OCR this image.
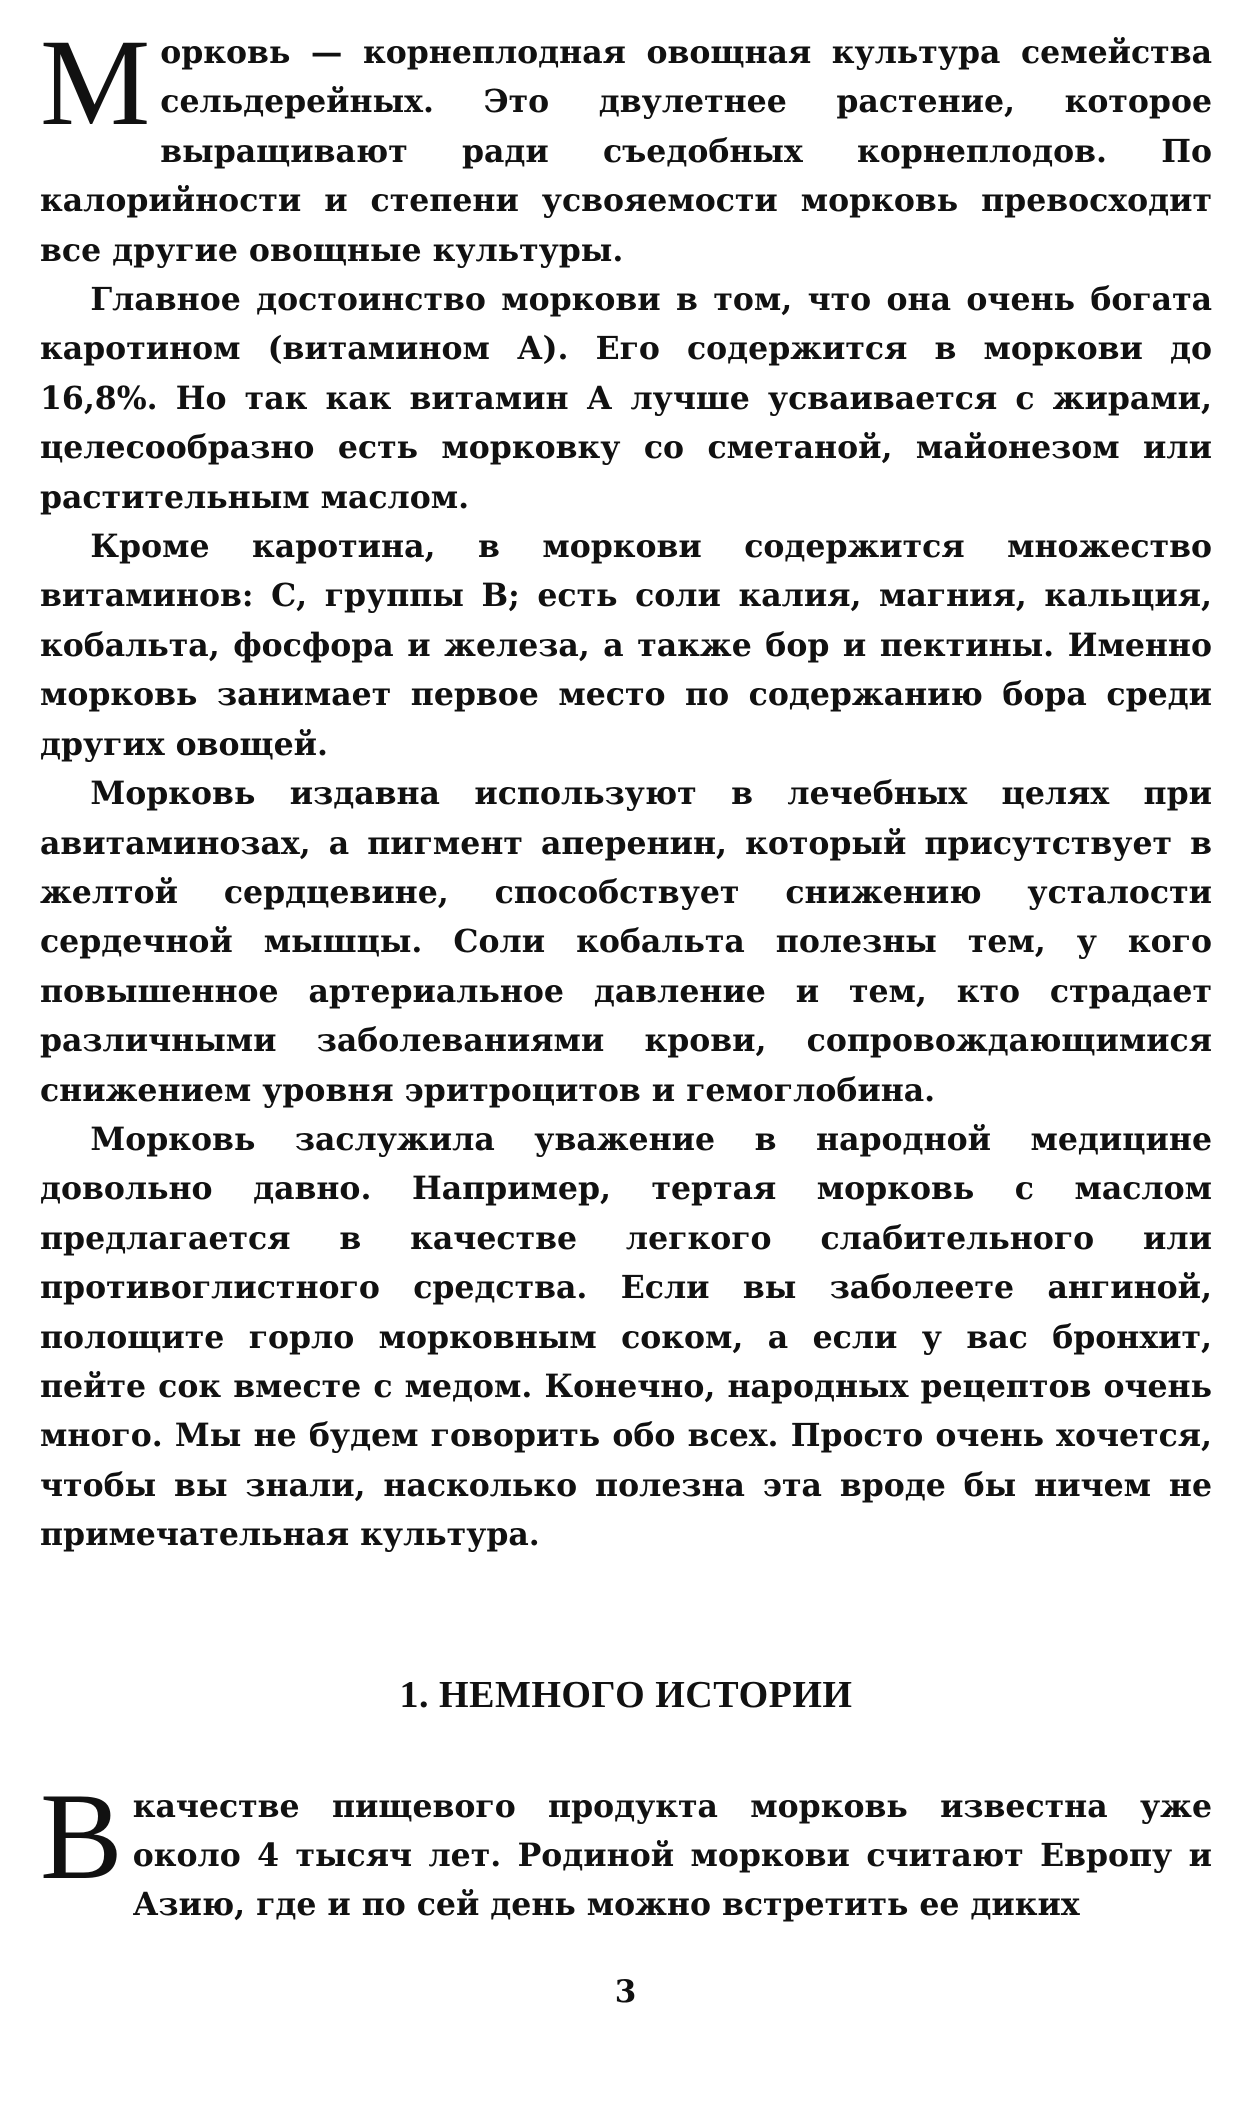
Морковь — корнеплодная овощная культура семейства сельдерейных. Это двулетнее растение, которое выращивают ради съедобных корнеплодов. По калорийности и степени усвояемости морковь превосходит все другие овощные культуры.

Главное достоинство моркови в том, что она очень богата каротином (витамином А). Его содержится в моркови до 16,8%. Но так как витамин А лучше усваивается с жирами, целесообразно есть морковку со сметаной, майонезом или растительным маслом.

Кроме каротина, в моркови содержится множество витаминов: С, группы В; есть соли калия, магния, кальция, кобальта, фосфора и железа, а также бор и пектины. Именно морковь занимает первое место по содержанию бора среди других овощей.

Морковь издавна используют в лечебных целях при авитаминозах, а пигмент аперенин, который присутствует в желтой сердцевине, способствует снижению усталости сердечной мышцы. Соли кобальта полезны тем, у кого повышенное артериальное давление и тем, кто страдает различными заболеваниями крови, сопровождающимися снижением уровня эритроцитов и гемоглобина.

Морковь заслужила уважение в народной медицине довольно давно. Например, тертая морковь с маслом предлагается в качестве легкого слабительного или противоглистного средства. Если вы заболеете ангиной, полощите горло морковным соком, а если у вас бронхит, пейте сок вместе с медом. Конечно, народных рецептов очень много. Мы не будем говорить обо всех. Просто очень хочется, чтобы вы знали, насколько полезна эта вроде бы ничем не примечательная культура.

1. НЕМНОГО ИСТОРИИ

Вкачестве пищевого продукта морковь известна уже около 4 тысяч лет. Родиной моркови считают Европу и Азию, где и по сей день можно встретить ее диких

3
